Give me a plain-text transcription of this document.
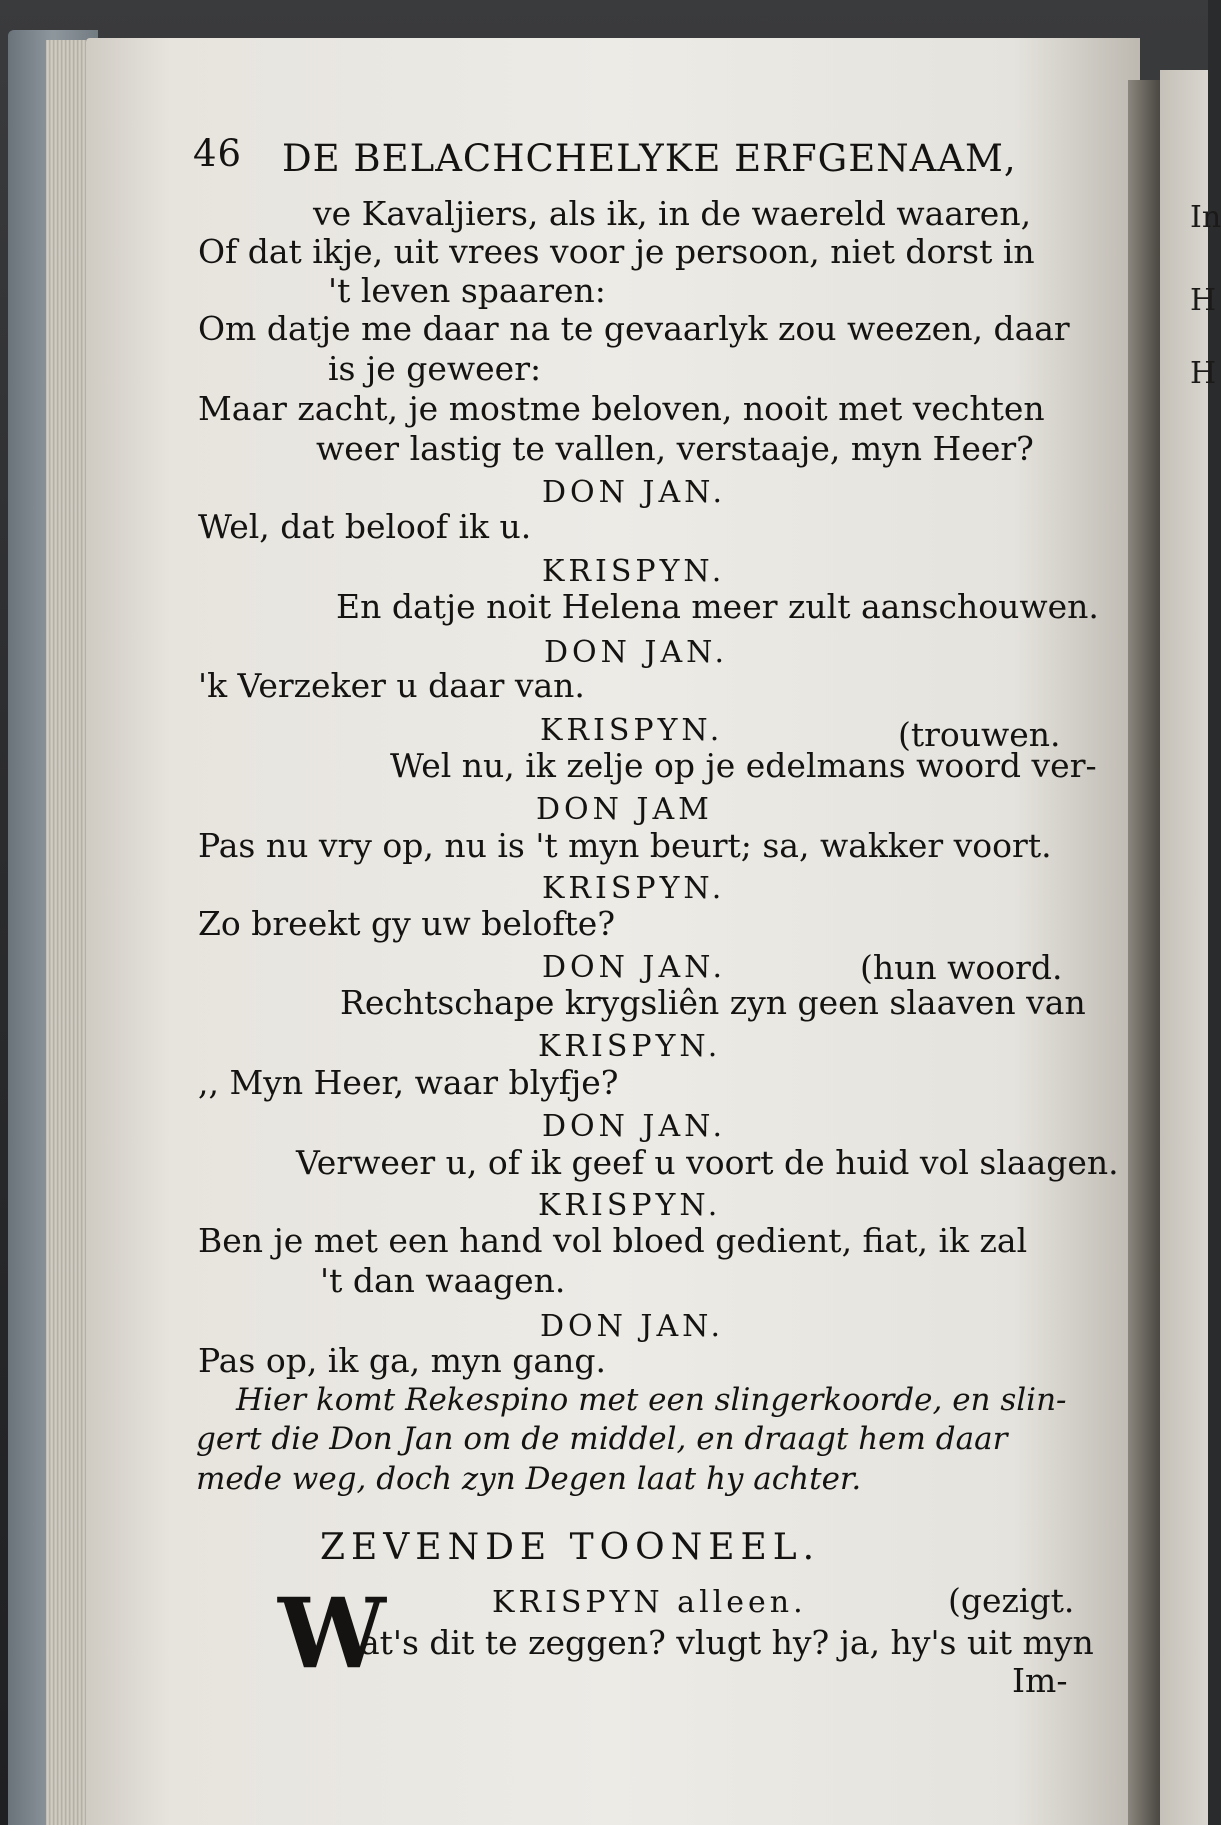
In
H
H
46 DE BELACHCHELYKE ERFGENAAM,
ve Kavaljiers, als ik, in de waereld waaren,
Of dat ikje, uit vrees voor je persoon, niet dorst in
't leven spaaren:
Om datje me daar na te gevaarlyk zou weezen, daar
is je geweer:
Maar zacht, je mostme beloven, nooit met vechten
weer lastig te vallen, verstaaje, myn Heer?
DON JAN.
Wel, dat beloof ik u.
KRISPYN.
En datje noit Helena meer zult aanschouwen.
DON JAN.
'k Verzeker u daar van.
KRISPYN.	(trouwen.
Wel nu, ik zelje op je edelmans woord ver-
DON JAM
Pas nu vry op, nu is 't myn beurt; sa, wakker voort.
KRISPYN.
Zo breekt gy uw belofte?
DON JAN.	(hun woord.
Rechtschape krygsliên zyn geen slaaven van
KRISPYN.
,, Myn Heer, waar blyfje?
DON JAN.
Verweer u, of ik geef u voort de huid vol slaagen.
KRISPYN.
Ben je met een hand vol bloed gedient, fiat, ik zal
't dan waagen.
DON JAN.
Pas op, ik ga, myn gang.
Hier komt Rekespino met een slingerkoorde, en slin-
gert die Don Jan om de middel, en draagt hem daar
mede weg, doch zyn Degen laat hy achter.
ZEVENDE TOONEEL.
KRISPYN alleen.	(gezigt.
W
at's dit te zeggen? vlugt hy? ja, hy's uit myn
Im-
